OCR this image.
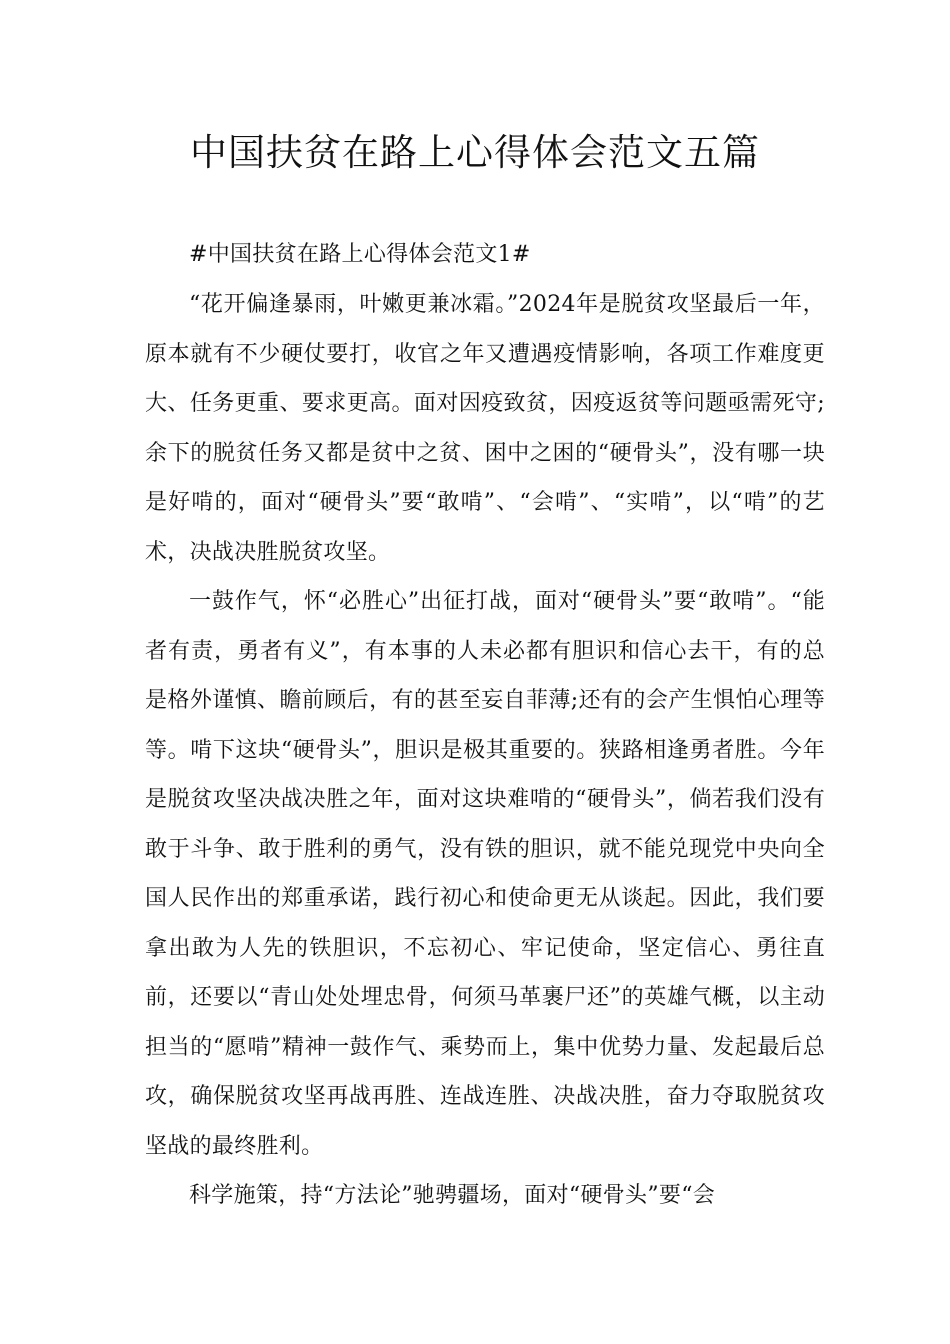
中国扶贫在路上心得体会范文五篇

#中国扶贫在路上心得体会范文1#

“花开偏逢暴雨，叶嫩更兼冰霜。”2024年是脱贫攻坚最后一年，原本就有不少硬仗要打，收官之年又遭遇疫情影响，各项工作难度更大、任务更重、要求更高。面对因疫致贫，因疫返贫等问题亟需死守;余下的脱贫任务又都是贫中之贫、困中之困的“硬骨头”，没有哪一块是好啃的，面对“硬骨头”要“敢啃”、“会啃”、“实啃”，以“啃”的艺术，决战决胜脱贫攻坚。

一鼓作气，怀“必胜心”出征打战，面对“硬骨头”要“敢啃”。“能者有责，勇者有义”，有本事的人未必都有胆识和信心去干，有的总是格外谨慎、瞻前顾后，有的甚至妄自菲薄;还有的会产生惧怕心理等等。啃下这块“硬骨头”，胆识是极其重要的。狭路相逢勇者胜。今年是脱贫攻坚决战决胜之年，面对这块难啃的“硬骨头”，倘若我们没有敢于斗争、敢于胜利的勇气，没有铁的胆识，就不能兑现党中央向全国人民作出的郑重承诺，践行初心和使命更无从谈起。因此，我们要拿出敢为人先的铁胆识，不忘初心、牢记使命，坚定信心、勇往直前，还要以“青山处处埋忠骨，何须马革裹尸还”的英雄气概，以主动担当的“愿啃”精神一鼓作气、乘势而上，集中优势力量、发起最后总攻，确保脱贫攻坚再战再胜、连战连胜、决战决胜，奋力夺取脱贫攻坚战的最终胜利。

科学施策，持“方法论”驰骋疆场，面对“硬骨头”要“会
